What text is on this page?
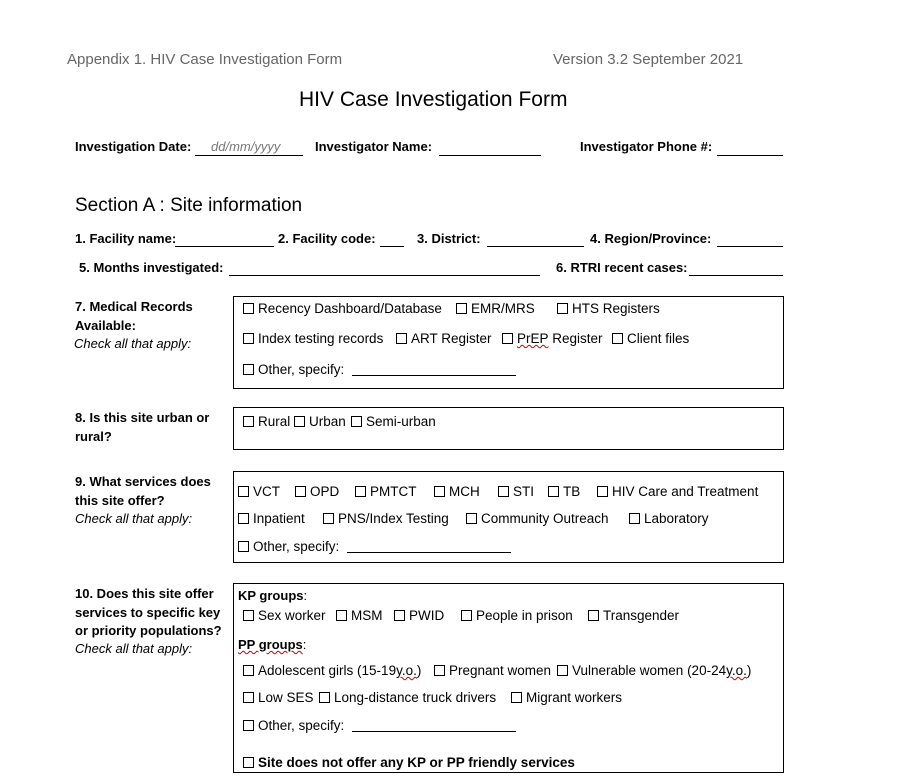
Appendix 1. HIV Case Investigation Form	Version 3.2 September 2021
HIV Case Investigation Form
Investigation Date: dd/mm/yyyy	Investigator Name:	Investigator Phone #:
Section A : Site information
1. Facility name:	2. Facility code:	3. District:	4. Region/Province:
5. Months investigated:	6. RTRI recent cases:
7. Medical Records
Available:
Check all that apply:
Recency Dashboard/Database EMR/MRS	HTS Registers
Index testing records ART Register PrEP
Register Client files
Other, specify:
8. Is this site urban or
rural?
Rural Urban Semi-urban
9. What services does
this site offer?
Check all that apply:
VCT OPD PMTCT MCH STI TB HIV Care and Treatment
Inpatient PNS/Index Testing Community Outreach	Laboratory
Other, specify:
10. Does this site offer
services to specific key
or priority populations?
Check all that apply:
KP groups:
Sex worker MSM PWID People in prison Transgender
PP groups:
Adolescent girls (15-19 y.o. ) Pregnant women Vulnerable women (20-24 y.o. )
Low SES Long-distance truck drivers Migrant workers
Other, specify:
Site does not offer any KP or PP friendly services
